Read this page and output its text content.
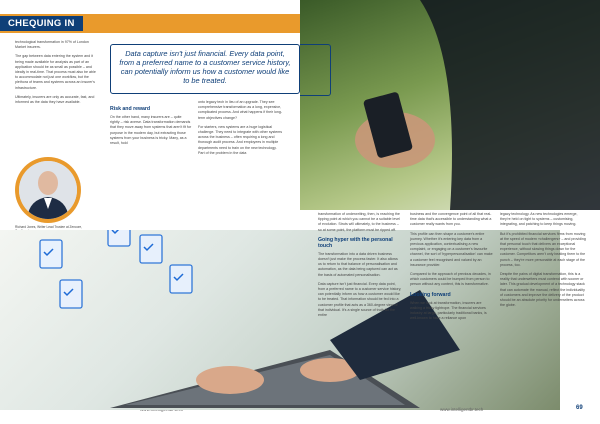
CHEQUING IN

technological transformation in 97% of London Market insurers.

The gap between data entering the system and it being made available for analysis as part of an application should be as small as possible – and ideally in real-time. That process must also be able to accommodate not just one workflow, but the plethora of teams and systems across an insurer's infrastructure.

Ultimately, insurers are only as accurate, fast, and informed as the data they have available.

Richard Jones, Writer Lead Trustee at Zencore,
Risk and reward

On the other hand, many insurers are – quite rightly – risk averse. Data transformation demands that they move away from systems that aren't fit for purpose in the modern day, but extracting those systems from your business is tricky. Many, as a result, hold

onto legacy tech in lieu of an upgrade. They see comprehensive transformation as a long, expensive, complicated process. And what happens if their long-term objectives change?

For starters, new systems are a huge logistical challenge. They need to integrate with other systems across the business – often requiring a long and thorough audit process. And employees in multiple departments need to train on the new technology. Part of the problem in the data

Data capture isn't just financial. Every data point, from a preferred name to a customer service history, can potentially inform us how a customer would like to be treated.

transformation of underwriting, then, is reaching the tipping point at which you cannot be a suitable level of evolution. Struts will ultimately, to the business – so at some point, the platform must be ripped off.

Going hyper with the personal touch

The transformation into a data driven business doesn't just make the process faster. It also allows us to return to that balance of personalisation and automation, as the data being captured can act as the basis of automated personalisation.

Data capture isn't just financial. Every data point, from a preferred name to a customer service history, can potentially inform us how a customer would like to be treated. That information should be fed into a customer profile that acts as a 360-degree view of that individual. It's a single source of truth for the entire

business and the convergence point of all that real-time data that's accessible to understanding what a customer really wants from you.

This profile can then shape a customer's entire journey. Whether it's entering key data from a previous application, contextualising a new complaint, or engaging on a customer's favourite channel, the sort of 'hyperpersonalisation' can make a customer feel recognised and valued by an insurance provider.

Compared to the approach of previous decades, in which customers could be bumped from person to person without any context, this is transformative.

Looking forward

When we look at transformation, insurers are walking a tricky tightrope. The financial services industry at large, particularly traditional banks, is well-known to have a reliance upon

legacy technology. As new technologies emerge, they're held on tight to systems – customising, integrating, and patching to keep things moving.

But it's prohibited financial services firms from moving at the speed of modern «challengers» – and providing that personal touch that delivers an exceptional experience, without slowing things down for the customer. Competitors aren't only beating them to the punch – they're more personable at each stage of the process, too.

Despite the pains of digital transformation, this is a reality that underwriters must contend with sooner or later. This gradual development of a technology stack that can automate the manual, reflect the individuality of customers and improve the delivery of the product should be an absolute priority for underwriters across the globe.

www.intelligentbr.tech	69
